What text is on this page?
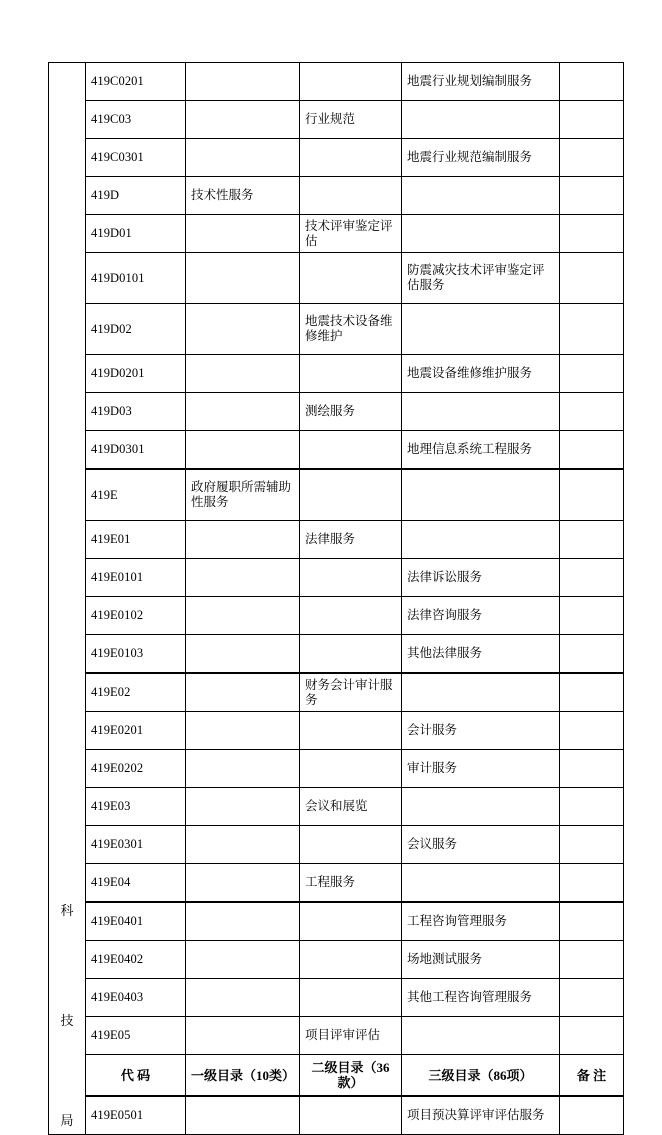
科
技
局	419C0201			地震行业规划编制服务	
	419C03		行业规范		
	419C0301			地震行业规范编制服务	
	419D	技术性服务			
	419D01		技术评审鉴定评估		
	419D0101			防震减灾技术评审鉴定评估服务	
	419D02		地震技术设备维修维护		
	419D0201			地震设备维修维护服务	
	419D03		测绘服务		
	419D0301			地理信息系统工程服务	
	419E	政府履职所需辅助性服务			
	419E01		法律服务		
	419E0101			法律诉讼服务	
	419E0102			法律咨询服务	
	419E0103			其他法律服务	
	419E02		财务会计审计服务		
	419E0201			会计服务	
	419E0202			审计服务	
	419E03		会议和展览		
	419E0301			会议服务	
	419E04		工程服务		
	419E0401			工程咨询管理服务	
	419E0402			场地测试服务	
	419E0403			其他工程咨询管理服务	
	419E05		项目评审评估		
	代 码	一级目录（10类）	二级目录（36款）	三级目录（86项）	备 注
	419E0501			项目预决算评审评估服务	
